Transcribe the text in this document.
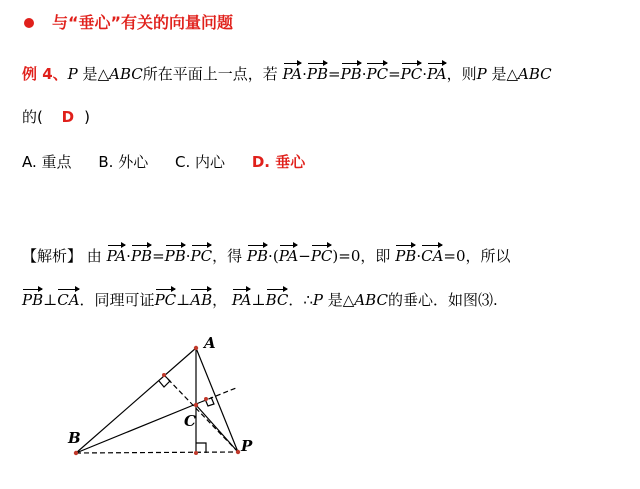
与“垂心”有关的向量问题
例 4、P 是△ABC所在平面上一点，若 PA·PB=PB·PC=PC·PA，则P 是△ABC
的( D )
A. 重点 B. 外心 C. 内心 D. 垂心
【解析】 由 PA·PB=PB·PC，得 PB·(PA−PC)=0，即 PB·CA=0，所以
PB⊥CA．同理可证PC⊥AB， PA⊥BC．∴P 是△ABC的垂心．如图⑶.
A
B
C
P
